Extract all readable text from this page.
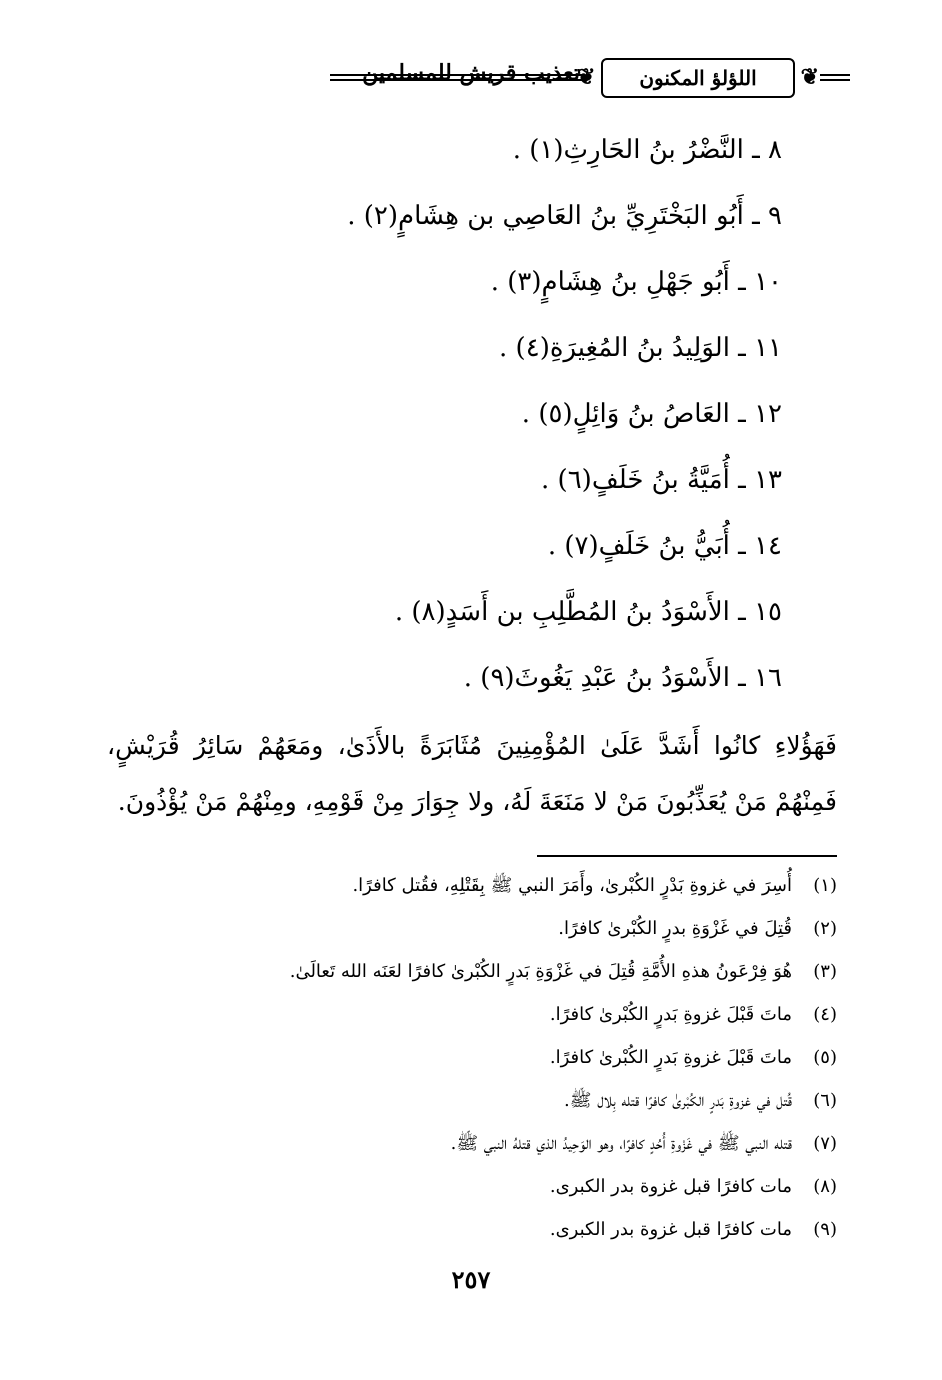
❦ اللؤلؤ المكنون ❦
تعذيب قريش للمسلمين
٨ ـ النَّضْرُ بنُ الحَارِثِ(١) .
٩ ـ أَبُو البَخْتَرِيِّ بنُ العَاصِي بن هِشَامٍ(٢) .
١٠ ـ أَبُو جَهْلِ بنُ هِشَامٍ(٣) .
١١ ـ الوَلِيدُ بنُ المُغِيرَةِ(٤) .
١٢ ـ العَاصُ بنُ وَائِلٍ(٥) .
١٣ ـ أُمَيَّةُ بنُ خَلَفٍ(٦) .
١٤ ـ أُبَيُّ بنُ خَلَفٍ(٧) .
١٥ ـ الأَسْوَدُ بنُ المُطَّلِبِ بن أَسَدٍ(٨) .
١٦ ـ الأَسْوَدُ بنُ عَبْدِ يَغُوثَ(٩) .
فَهَؤُلاءِ كانُوا أَشَدَّ عَلَىٰ المُؤْمِنِينَ مُثَابَرَةً بالأَذَىٰ، ومَعَهُمْ سَائِرُ قُرَيْشٍ، فَمِنْهُمْ مَنْ يُعَذِّبُونَ مَنْ لا مَنَعَةَ لَهُ، ولا جِوَارَ مِنْ قَوْمِهِ، ومِنْهُمْ مَنْ يُؤْذُونَ.
(١)
أُسِرَ في غزوةِ بَدْرٍ الكُبْرىٰ، وأَمَرَ النبي ﷺ بِقَتْلِهِ، فقُتل كافرًا.
(٢)
قُتِلَ في غَزْوَةِ بدرٍ الكُبْرىٰ كافرًا.
(٣)
هُوَ فِرْعَونُ هذهِ الأُمَّةِ قُتِلَ في غَزْوَةِ بَدرٍ الكُبْرىٰ كافرًا لعَنَه الله تَعالَىٰ.
(٤)
ماتَ قَبْلَ غزوةِ بَدرٍ الكُبْرىٰ كافرًا.
(٥)
ماتَ قَبْلَ غزوةِ بَدرٍ الكُبْرىٰ كافرًا.
(٦)
قُتل في غزوةِ بَدرٍ الكُبْرىٰ كافرًا قتله بِلال ﷺ.
(٧)
قتله النبي ﷺ في غَزْوةِ أُحُدٍ كافرًا، وهو الوَحِيدُ الذي قتلهُ النبي ﷺ.
(٨)
مات كافرًا قبل غزوة بدر الكبرى.
(٩)
مات كافرًا قبل غزوة بدر الكبرى.
٢٥٧
